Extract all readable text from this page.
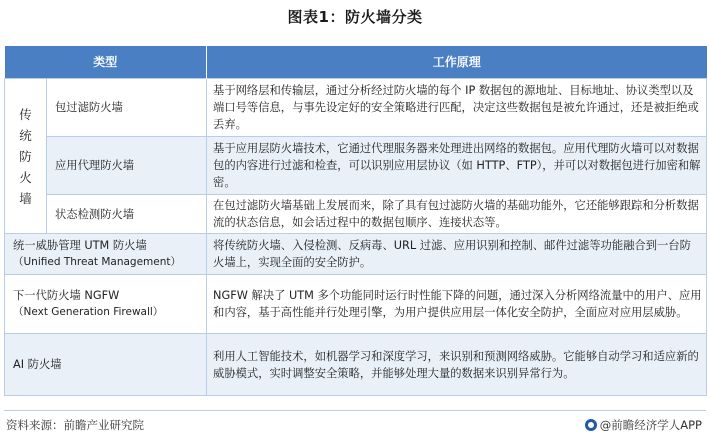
图表1：防火墙分类
类型		工作原理
传统防火墙	包过滤防火墙	基于网络层和传输层，通过分析经过防火墙的每个 IP 数据包的源地址、目标地址、协议类型以及端口号等信息，与事先设定好的安全策略进行匹配，决定这些数据包是被允许通过，还是被拒绝或丢弃。
	应用代理防火墙	基于应用层防火墙技术，它通过代理服务器来处理进出网络的数据包。应用代理防火墙可以对数据包的内容进行过滤和检查，可以识别应用层协议（如 HTTP、FTP），并可以对数据包进行加密和解密。
	状态检测防火墙	在包过滤防火墙基础上发展而来，除了具有包过滤防火墙的基础功能外，它还能够跟踪和分析数据流的状态信息，如会话过程中的数据包顺序、连接状态等。

统一威胁管理 UTM 防火墙
（Unified Threat Management）		将传统防火墙、入侵检测、反病毒、URL 过滤、应用识别和控制、邮件过滤等功能融合到一台防火墙上，实现全面的安全防护。

下一代防火墙 NGFW
（Next Generation Firewall）		NGFW 解决了 UTM 多个功能同时运行时性能下降的问题，通过深入分析网络流量中的用户、应用和内容，基于高性能并行处理引擎，为用户提供应用层一体化安全防护，全面应对应用层威胁。
AI 防火墙		利用人工智能技术，如机器学习和深度学习，来识别和预测网络威胁。它能够自动学习和适应新的威胁模式，实时调整安全策略，并能够处理大量的数据来识别异常行为。
资料来源：前瞻产业研究院	@前瞻经济学人APP
